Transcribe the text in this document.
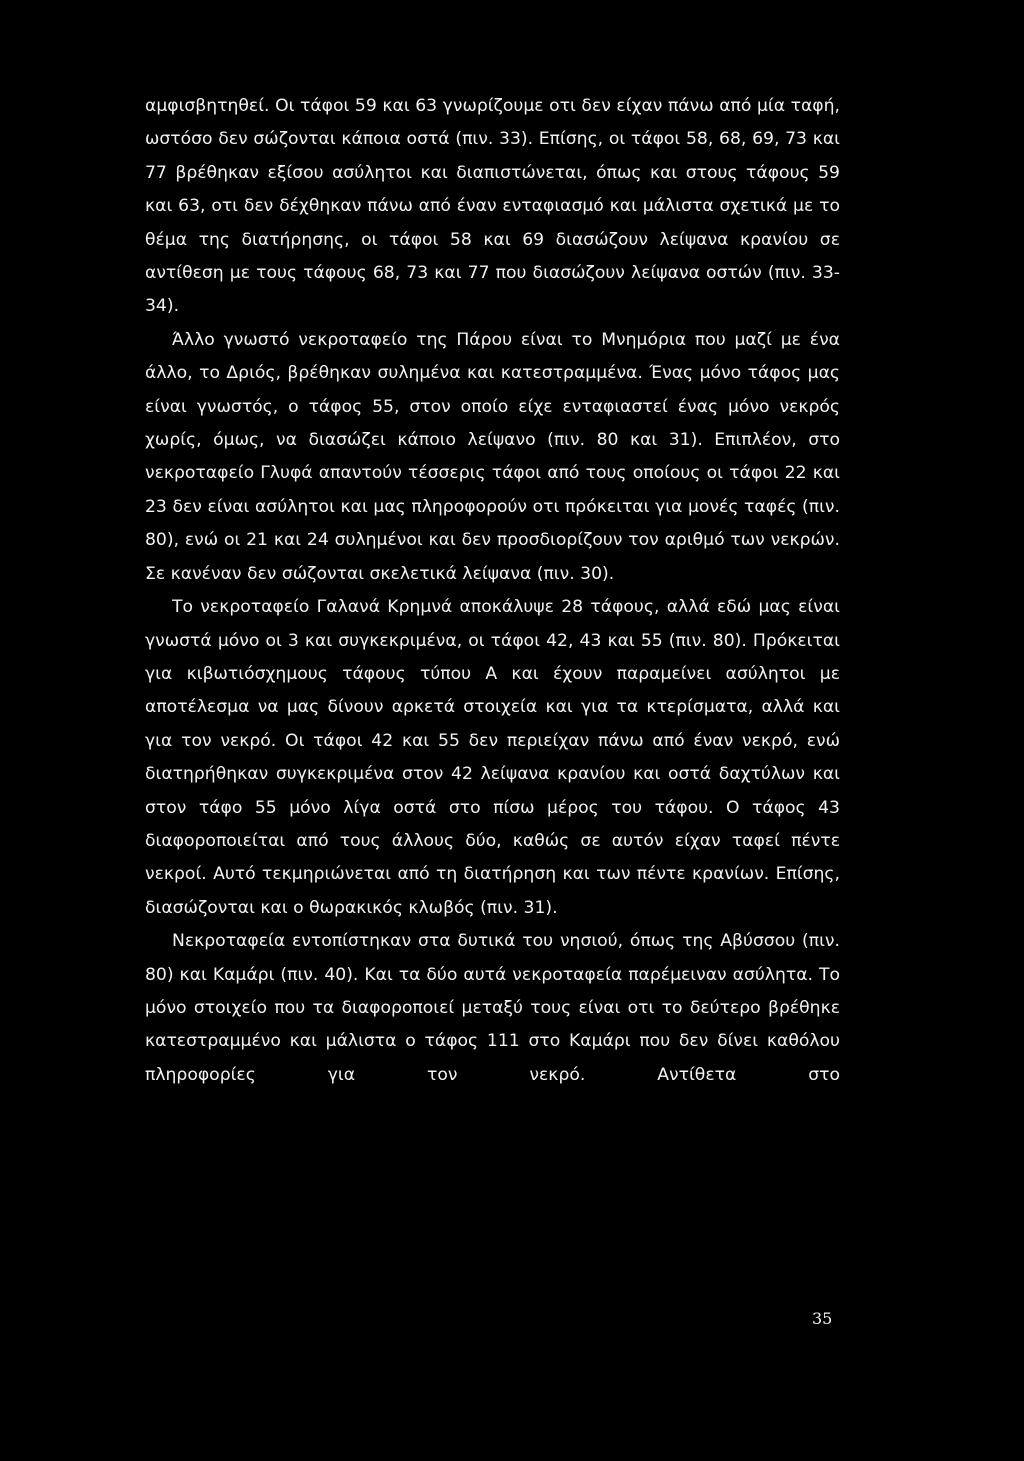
αμφισβητηθεί. Οι τάφοι 59 και 63 γνωρίζουμε οτι δεν είχαν πάνω από μία ταφή, ωστόσο δεν σώζονται κάποια οστά (πιν. 33). Επίσης, οι τάφοι 58, 68, 69, 73 και 77 βρέθηκαν εξίσου ασύλητοι και διαπιστώνεται, όπως και στους τάφους 59 και 63, οτι δεν δέχθηκαν πάνω από έναν ενταφιασμό και μάλιστα σχετικά με το θέμα της διατήρησης, οι τάφοι 58 και 69 διασώζουν λείψανα κρανίου σε αντίθεση με τους τάφους 68, 73 και 77 που διασώζουν λείψανα οστών (πιν. 33-34).

Άλλο γνωστό νεκροταφείο της Πάρου είναι το Μνημόρια που μαζί με ένα άλλο, το Δριός, βρέθηκαν συλημένα και κατεστραμμένα. Ένας μόνο τάφος μας είναι γνωστός, ο τάφος 55, στον οποίο είχε ενταφιαστεί ένας μόνο νεκρός χωρίς, όμως, να διασώζει κάποιο λείψανο (πιν. 80 και 31). Επιπλέον, στο νεκροταφείο Γλυφά απαντούν τέσσερις τάφοι από τους οποίους οι τάφοι 22 και 23 δεν είναι ασύλητοι και μας πληροφορούν οτι πρόκειται για μονές ταφές (πιν. 80), ενώ οι 21 και 24 συλημένοι και δεν προσδιορίζουν τον αριθμό των νεκρών. Σε κανέναν δεν σώζονται σκελετικά λείψανα (πιν. 30).

Το νεκροταφείο Γαλανά Κρημνά αποκάλυψε 28 τάφους, αλλά εδώ μας είναι γνωστά μόνο οι 3 και συγκεκριμένα, οι τάφοι 42, 43 και 55 (πιν. 80). Πρόκειται για κιβωτιόσχημους τάφους τύπου Α και έχουν παραμείνει ασύλητοι με αποτέλεσμα να μας δίνουν αρκετά στοιχεία και για τα κτερίσματα, αλλά και για τον νεκρό. Οι τάφοι 42 και 55 δεν περιείχαν πάνω από έναν νεκρό, ενώ διατηρήθηκαν συγκεκριμένα στον 42 λείψανα κρανίου και οστά δαχτύλων και στον τάφο 55 μόνο λίγα οστά στο πίσω μέρος του τάφου. Ο τάφος 43 διαφοροποιείται από τους άλλους δύο, καθώς σε αυτόν είχαν ταφεί πέντε νεκροί. Αυτό τεκμηριώνεται από τη διατήρηση και των πέντε κρανίων. Επίσης, διασώζονται και ο θωρακικός κλωβός (πιν. 31).

Νεκροταφεία εντοπίστηκαν στα δυτικά του νησιού, όπως της Αβύσσου (πιν. 80) και Καμάρι (πιν. 40). Και τα δύο αυτά νεκροταφεία παρέμειναν ασύλητα. Το μόνο στοιχείο που τα διαφοροποιεί μεταξύ τους είναι οτι το δεύτερο βρέθηκε κατεστραμμένο και μάλιστα ο τάφος 111 στο Καμάρι που δεν δίνει καθόλου πληροφορίες για τον νεκρό. Αντίθετα στο

35
